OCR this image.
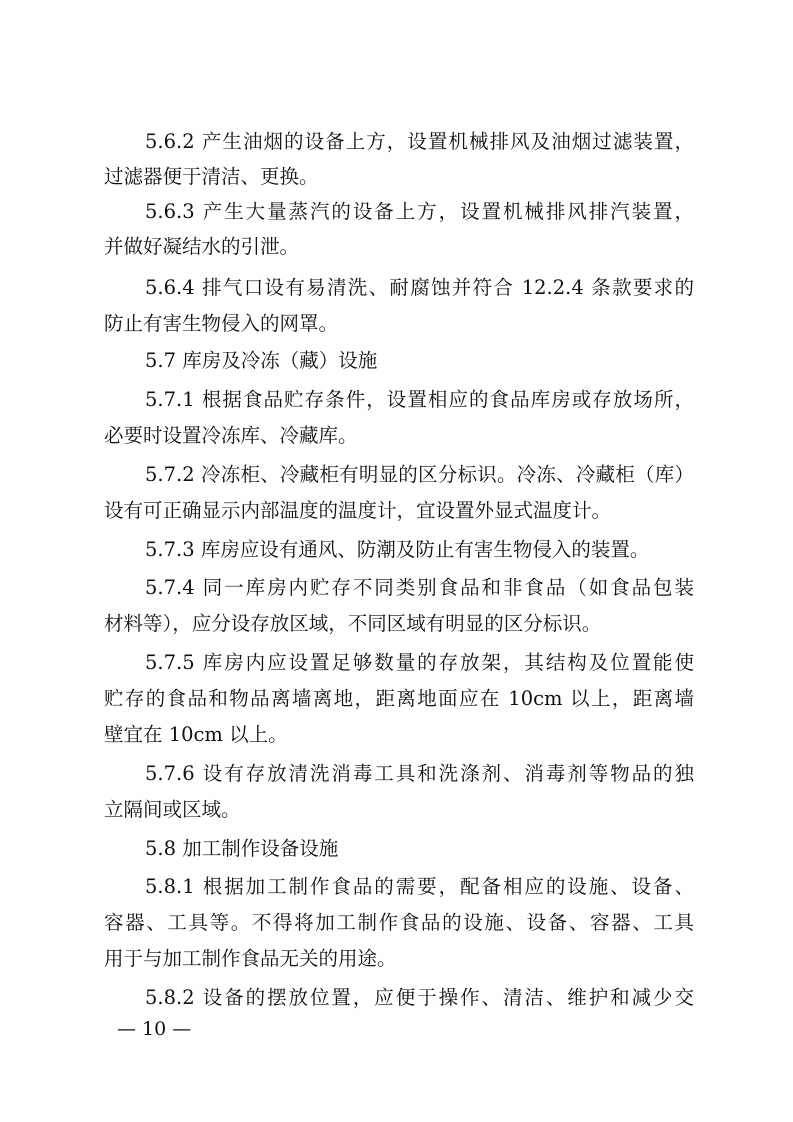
5.6.2 产生油烟的设备上方，设置机械排风及油烟过滤装置，
过滤器便于清洁、更换。
5.6.3 产生大量蒸汽的设备上方，设置机械排风排汽装置，
并做好凝结水的引泄。
5.6.4 排气口设有易清洗、耐腐蚀并符合 12.2.4 条款要求的
防止有害生物侵入的网罩。
5.7 库房及冷冻（藏）设施
5.7.1 根据食品贮存条件，设置相应的食品库房或存放场所，
必要时设置冷冻库、冷藏库。
5.7.2 冷冻柜、冷藏柜有明显的区分标识。冷冻、冷藏柜（库）
设有可正确显示内部温度的温度计，宜设置外显式温度计。
5.7.3 库房应设有通风、防潮及防止有害生物侵入的装置。
5.7.4 同一库房内贮存不同类别食品和非食品（如食品包装
材料等），应分设存放区域，不同区域有明显的区分标识。
5.7.5 库房内应设置足够数量的存放架，其结构及位置能使
贮存的食品和物品离墙离地，距离地面应在 10cm 以上，距离墙
壁宜在 10cm 以上。
5.7.6 设有存放清洗消毒工具和洗涤剂、消毒剂等物品的独
立隔间或区域。
5.8 加工制作设备设施
5.8.1 根据加工制作食品的需要，配备相应的设施、设备、
容器、工具等。不得将加工制作食品的设施、设备、容器、工具
用于与加工制作食品无关的用途。
5.8.2 设备的摆放位置，应便于操作、清洁、维护和减少交
— 10 —
